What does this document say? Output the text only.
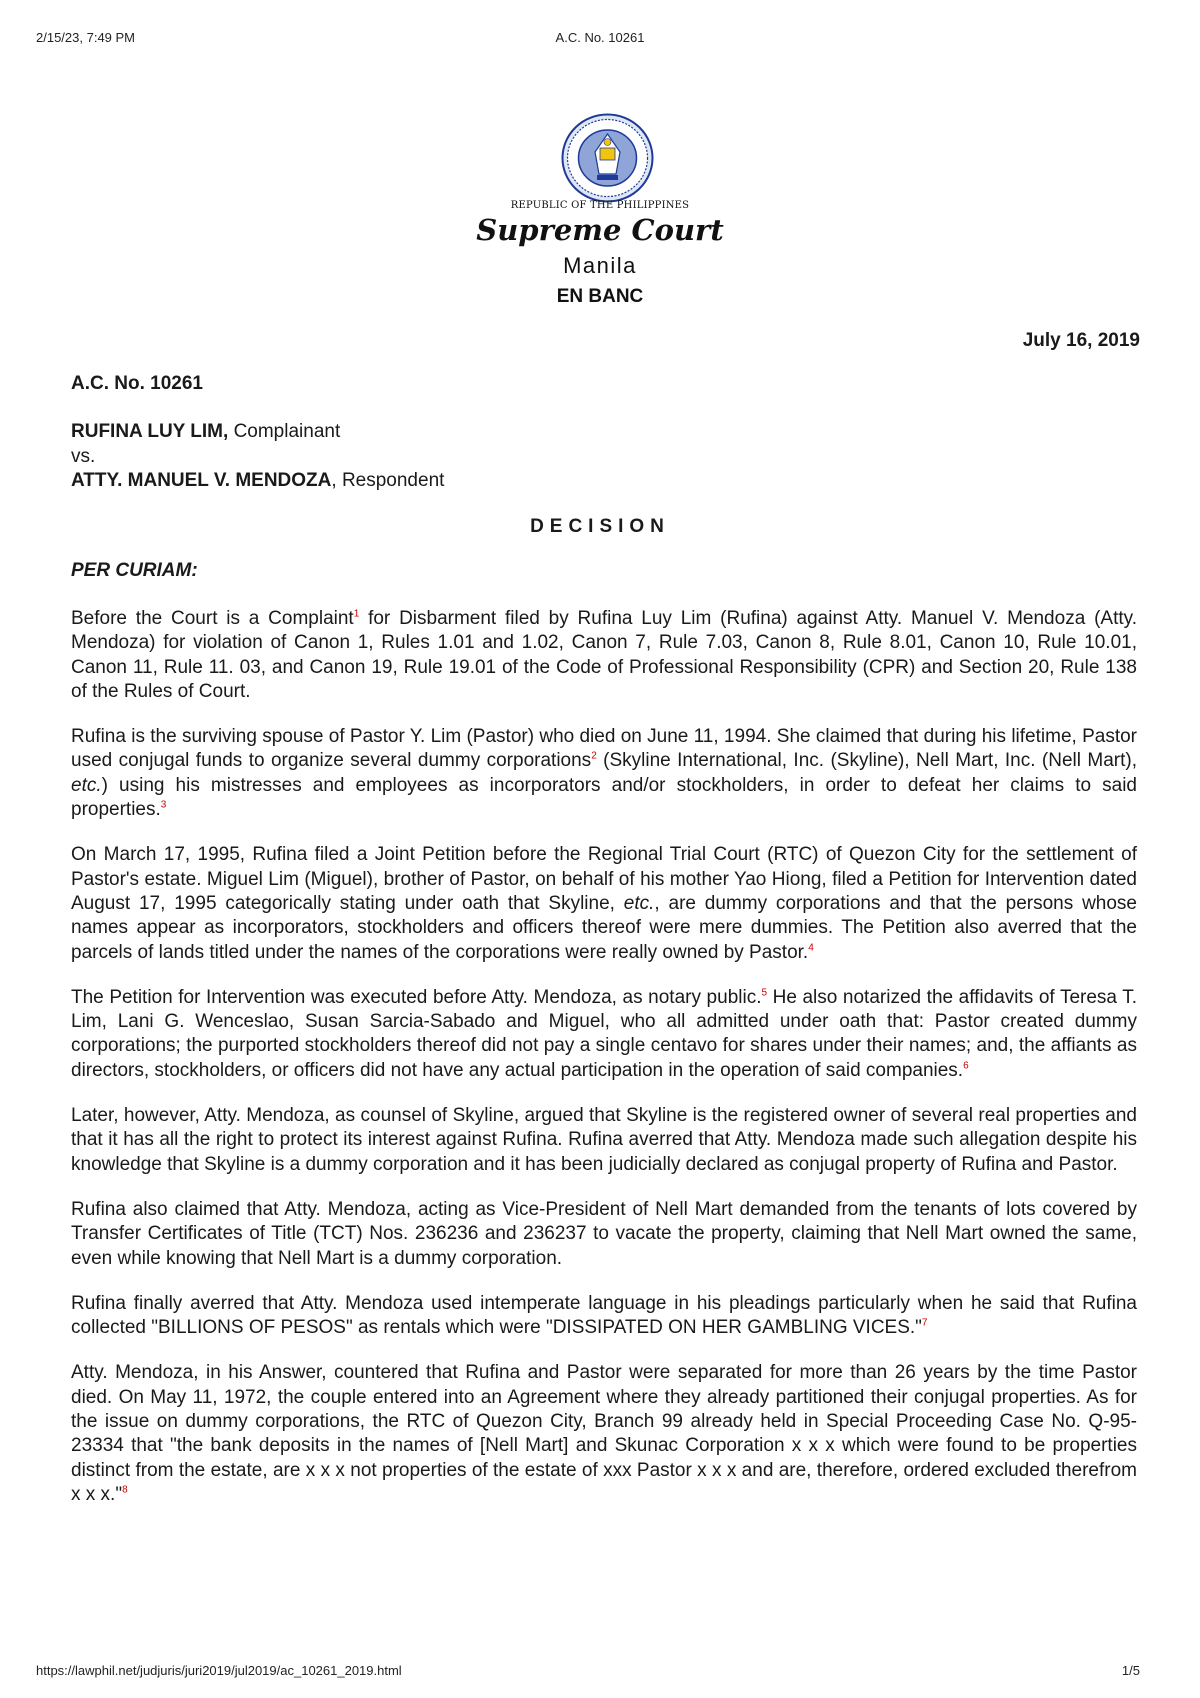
2/15/23, 7:49 PM	A.C. No. 10261
REPUBLIC OF THE PHILIPPINES
Supreme Court
Manila
EN BANC
July 16, 2019
A.C. No. 10261
RUFINA LUY LIM, Complainant
vs.
ATTY. MANUEL V. MENDOZA, Respondent
DECISION
PER CURIAM:

Before the Court is a Complaint$^1$ for Disbarment filed by Rufina Luy Lim (Rufina) against Atty. Manuel V. Mendoza (Atty. Mendoza) for violation of Canon 1, Rules 1.01 and 1.02, Canon 7, Rule 7.03, Canon 8, Rule 8.01, Canon 10, Rule 10.01, Canon 11, Rule 11. 03, and Canon 19, Rule 19.01 of the Code of Professional Responsibility (CPR) and Section 20, Rule 138 of the Rules of Court.

Rufina is the surviving spouse of Pastor Y. Lim (Pastor) who died on June 11, 1994. She claimed that during his lifetime, Pastor used conjugal funds to organize several dummy corporations$^2$ (Skyline International, Inc. (Skyline), Nell Mart, Inc. (Nell Mart), etc.) using his mistresses and employees as incorporators and/or stockholders, in order to defeat her claims to said properties.$^3$

On March 17, 1995, Rufina filed a Joint Petition before the Regional Trial Court (RTC) of Quezon City for the settlement of Pastor's estate. Miguel Lim (Miguel), brother of Pastor, on behalf of his mother Yao Hiong, filed a Petition for Intervention dated August 17, 1995 categorically stating under oath that Skyline, etc., are dummy corporations and that the persons whose names appear as incorporators, stockholders and officers thereof were mere dummies. The Petition also averred that the parcels of lands titled under the names of the corporations were really owned by Pastor.$^4$

The Petition for Intervention was executed before Atty. Mendoza, as notary public.$^5$ He also notarized the affidavits of Teresa T. Lim, Lani G. Wenceslao, Susan Sarcia-Sabado and Miguel, who all admitted under oath that: Pastor created dummy corporations; the purported stockholders thereof did not pay a single centavo for shares under their names; and, the affiants as directors, stockholders, or officers did not have any actual participation in the operation of said companies.$^6$

Later, however, Atty. Mendoza, as counsel of Skyline, argued that Skyline is the registered owner of several real properties and that it has all the right to protect its interest against Rufina. Rufina averred that Atty. Mendoza made such allegation despite his knowledge that Skyline is a dummy corporation and it has been judicially declared as conjugal property of Rufina and Pastor.

Rufina also claimed that Atty. Mendoza, acting as Vice-President of Nell Mart demanded from the tenants of lots covered by Transfer Certificates of Title (TCT) Nos. 236236 and 236237 to vacate the property, claiming that Nell Mart owned the same, even while knowing that Nell Mart is a dummy corporation.

Rufina finally averred that Atty. Mendoza used intemperate language in his pleadings particularly when he said that Rufina collected "BILLIONS OF PESOS" as rentals which were "DISSIPATED ON HER GAMBLING VICES."$^7$

Atty. Mendoza, in his Answer, countered that Rufina and Pastor were separated for more than 26 years by the time Pastor died. On May 11, 1972, the couple entered into an Agreement where they already partitioned their conjugal properties. As for the issue on dummy corporations, the RTC of Quezon City, Branch 99 already held in Special Proceeding Case No. Q-95-23334 that "the bank deposits in the names of [Nell Mart] and Skunac Corporation x x x which were found to be properties distinct from the estate, are x x x not properties of the estate of xxx Pastor x x x and are, therefore, ordered excluded therefrom x x x."$^8$

https://lawphil.net/judjuris/juri2019/jul2019/ac_10261_2019.html	1/5
